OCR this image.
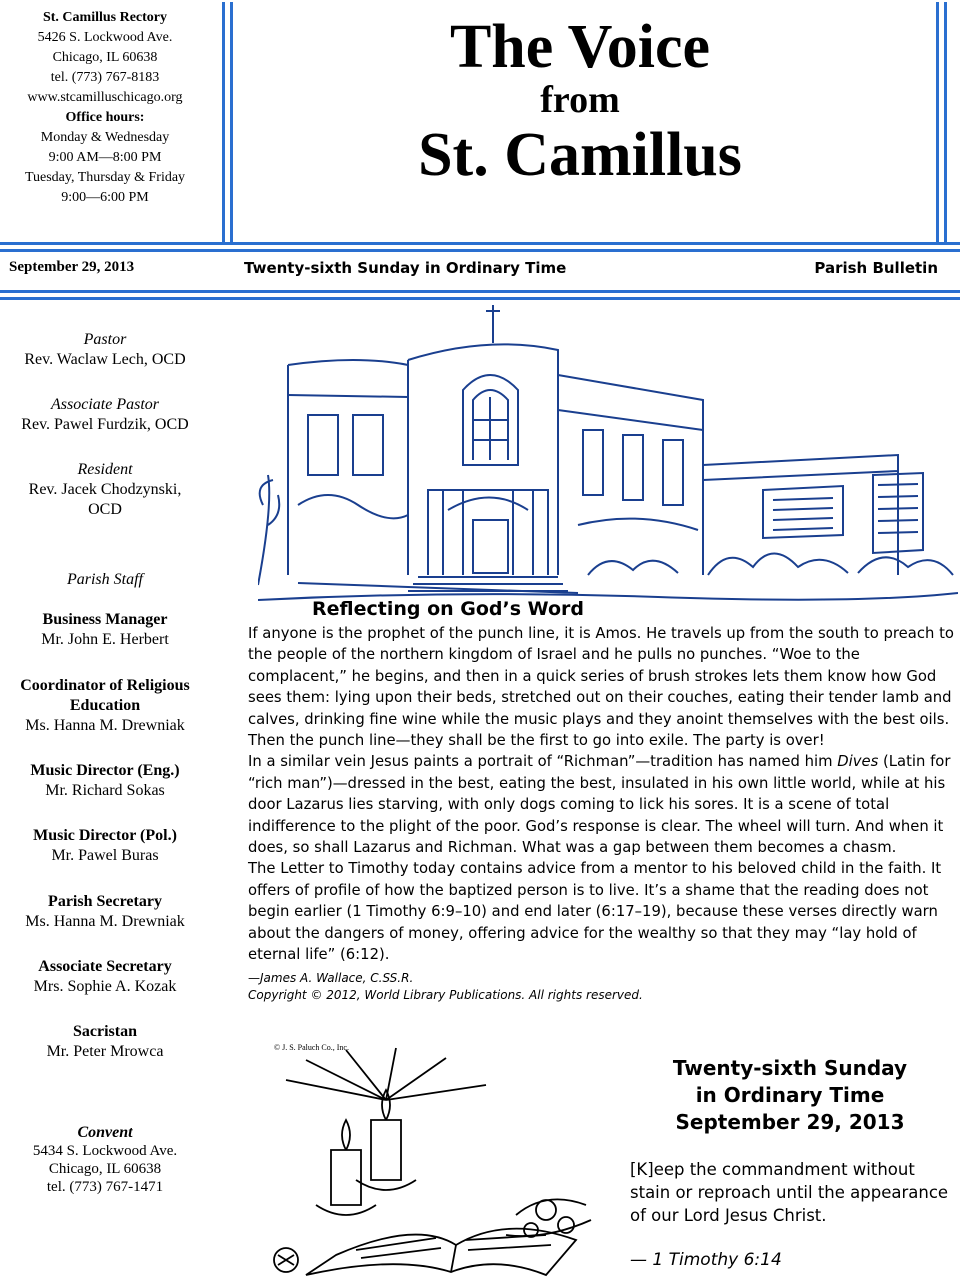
St. Camillus Rectory
5426 S. Lockwood Ave.
Chicago, IL 60638
tel. (773) 767-8183
www.stcamilluschicago.org
Office hours:
Monday & Wednesday
9:00 AM—8:00 PM
Tuesday, Thursday & Friday
9:00—6:00 PM
The Voice
from
St. Camillus
September 29, 2013	Twenty-sixth Sunday in Ordinary Time	Parish Bulletin
Pastor
Rev. Waclaw Lech, OCD
Associate Pastor
Rev. Pawel Furdzik, OCD
Resident
Rev. Jacek Chodzynski,
OCD
Parish Staff
Business Manager
Mr. John E. Herbert
Coordinator of Religious
Education
Ms. Hanna M. Drewniak
Music Director (Eng.)
Mr. Richard Sokas
Music Director (Pol.)
Mr. Pawel Buras
Parish Secretary
Ms. Hanna M. Drewniak
Associate Secretary
Mrs. Sophie A. Kozak
Sacristan
Mr. Peter Mrowca
Convent
5434 S. Lockwood Ave.
Chicago, IL 60638
tel. (773) 767-1471
Reflecting on God’s Word

If anyone is the prophet of the punch line, it is Amos. He travels up from the south to preach to the people of the northern kingdom of Israel and he pulls no punches. “Woe to the complacent,” he begins, and then in a quick series of brush strokes lets them know how God sees them: lying upon their beds, stretched out on their couches, eating their tender lamb and calves, drinking fine wine while the music plays and they anoint themselves with the best oils. Then the punch line—they shall be the first to go into exile. The party is over!

In a similar vein Jesus paints a portrait of “Richman”—tradition has named him Dives (Latin for “rich man”)—dressed in the best, eating the best, insulated in his own little world, while at his door Lazarus lies starving, with only dogs coming to lick his sores. It is a scene of total indifference to the plight of the poor. God’s response is clear. The wheel will turn. And when it does, so shall Lazarus and Richman. What was a gap between them becomes a chasm.

The Letter to Timothy today contains advice from a mentor to his beloved child in the faith. It offers of profile of how the baptized person is to live. It’s a shame that the reading does not begin earlier (1 Timothy 6:9–10) and end later (6:17–19), because these verses directly warn about the dangers of money, offering advice for the wealthy so that they may “lay hold of eternal life” (6:12).

—James A. Wallace, C.SS.R.
Copyright © 2012, World Library Publications. All rights reserved.
© J. S. Paluch Co., Inc.
Twenty-sixth Sunday
in Ordinary Time
September 29, 2013
[K]eep the commandment without stain or reproach until the appearance of our Lord Jesus Christ.
— 1 Timothy 6:14
